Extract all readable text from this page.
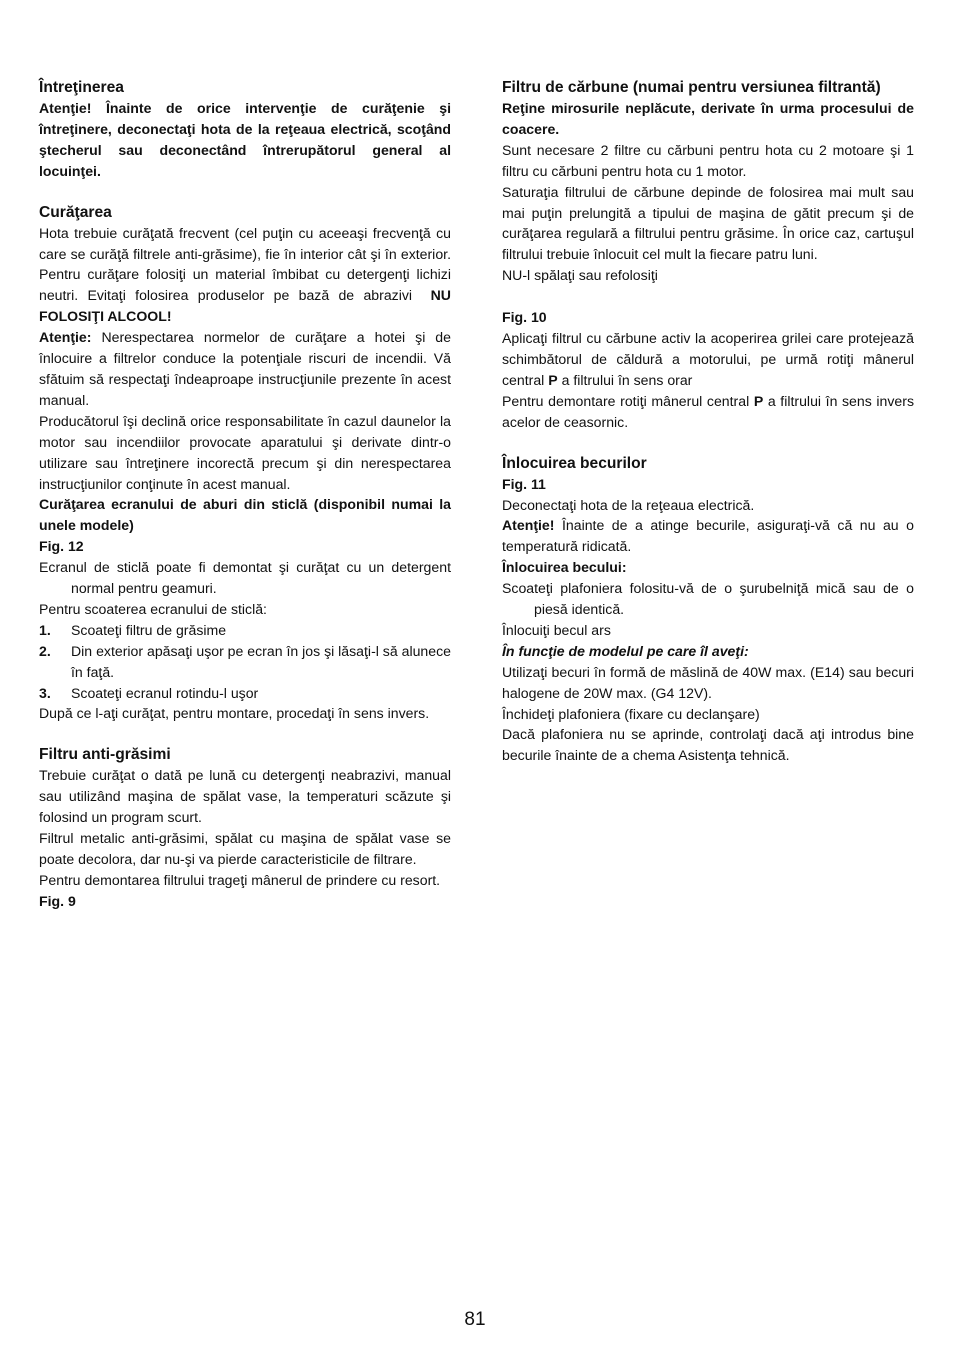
Întreţinerea

Atenţie! Înainte de orice intervenţie de curăţenie şi întreţinere, deconectaţi hota de la reţeaua electrică, scoţând ştecherul sau deconectând întrerupătorul general al locuinţei.

Curăţarea

Hota trebuie curăţată frecvent (cel puţin cu aceeaşi frecvenţă cu care se curăţă filtrele anti-grăsime), fie în interior cât şi în exterior. Pentru curăţare folosiţi un material îmbibat cu detergenţi lichizi neutri. Evitaţi folosirea produselor pe bază de abrazivi NU FOLOSIŢI ALCOOL!

Atenţie: Nerespectarea normelor de curăţare a hotei şi de înlocuire a filtrelor conduce la potenţiale riscuri de incendii. Vă sfătuim să respectaţi îndeaproape instrucţiunile prezente în acest manual.

Producătorul îşi declină orice responsabilitate în cazul daunelor la motor sau incendiilor provocate aparatului şi derivate dintr-o utilizare sau întreţinere incorectă precum şi din nerespectarea instrucţiunilor conţinute în acest manual.

Curăţarea ecranului de aburi din sticlă (disponibil numai la unele modele)

Fig. 12

Ecranul de sticlă poate fi demontat şi curăţat cu un detergent normal pentru geamuri.

Pentru scoaterea ecranului de sticlă:

1. Scoateţi filtru de grăsime
2. Din exterior apăsaţi uşor pe ecran în jos şi lăsaţi-l să alunece în faţă.
3. Scoateţi ecranul rotindu-l uşor

După ce l-aţi curăţat, pentru montare, procedaţi în sens invers.

Filtru anti-grăsimi

Trebuie curăţat o dată pe lună cu detergenţi neabrazivi, manual sau utilizând maşina de spălat vase, la temperaturi scăzute şi folosind un program scurt.

Filtrul metalic anti-grăsimi, spălat cu maşina de spălat vase se poate decolora, dar nu-şi va pierde caracteristicile de filtrare.

Pentru demontarea filtrului trageţi mânerul de prindere cu resort.

Fig. 9

Filtru de cărbune (numai pentru versiunea filtrantă)

Reţine mirosurile neplăcute, derivate în urma procesului de coacere.

Sunt necesare 2 filtre cu cărbuni pentru hota cu 2 motoare şi 1 filtru cu cărbuni pentru hota cu 1 motor.

Saturaţia filtrului de cărbune depinde de folosirea mai mult sau mai puţin prelungită a tipului de maşina de gătit precum şi de curăţarea regulară a filtrului pentru grăsime. În orice caz, cartuşul filtrului trebuie înlocuit cel mult la fiecare patru luni.

NU-l spălaţi sau refolosiţi

Fig. 10

Aplicaţi filtrul cu cărbune activ la acoperirea grilei care protejează schimbătorul de căldură a motorului, pe urmă rotiţi mânerul central P a filtrului în sens orar

Pentru demontare rotiţi mânerul central P a filtrului în sens invers acelor de ceasornic.

Înlocuirea becurilor

Fig. 11

Deconectaţi hota de la reţeaua electrică.

Atenţie! Înainte de a atinge becurile, asiguraţi-vă că nu au o temperatură ridicată.

Înlocuirea becului:

Scoateţi plafoniera folositu-vă de o şurubelniţă mică sau de o piesă identică.

Înlocuiţi becul ars

În funcţie de modelul pe care îl aveţi:

Utilizaţi becuri în formă de măslină de 40W max. (E14) sau becuri halogene de 20W max. (G4 12V).

Închideţi plafoniera (fixare cu declanşare)

Dacă plafoniera nu se aprinde, controlaţi dacă aţi introdus bine becurile înainte de a chema Asistenţa tehnică.

81
